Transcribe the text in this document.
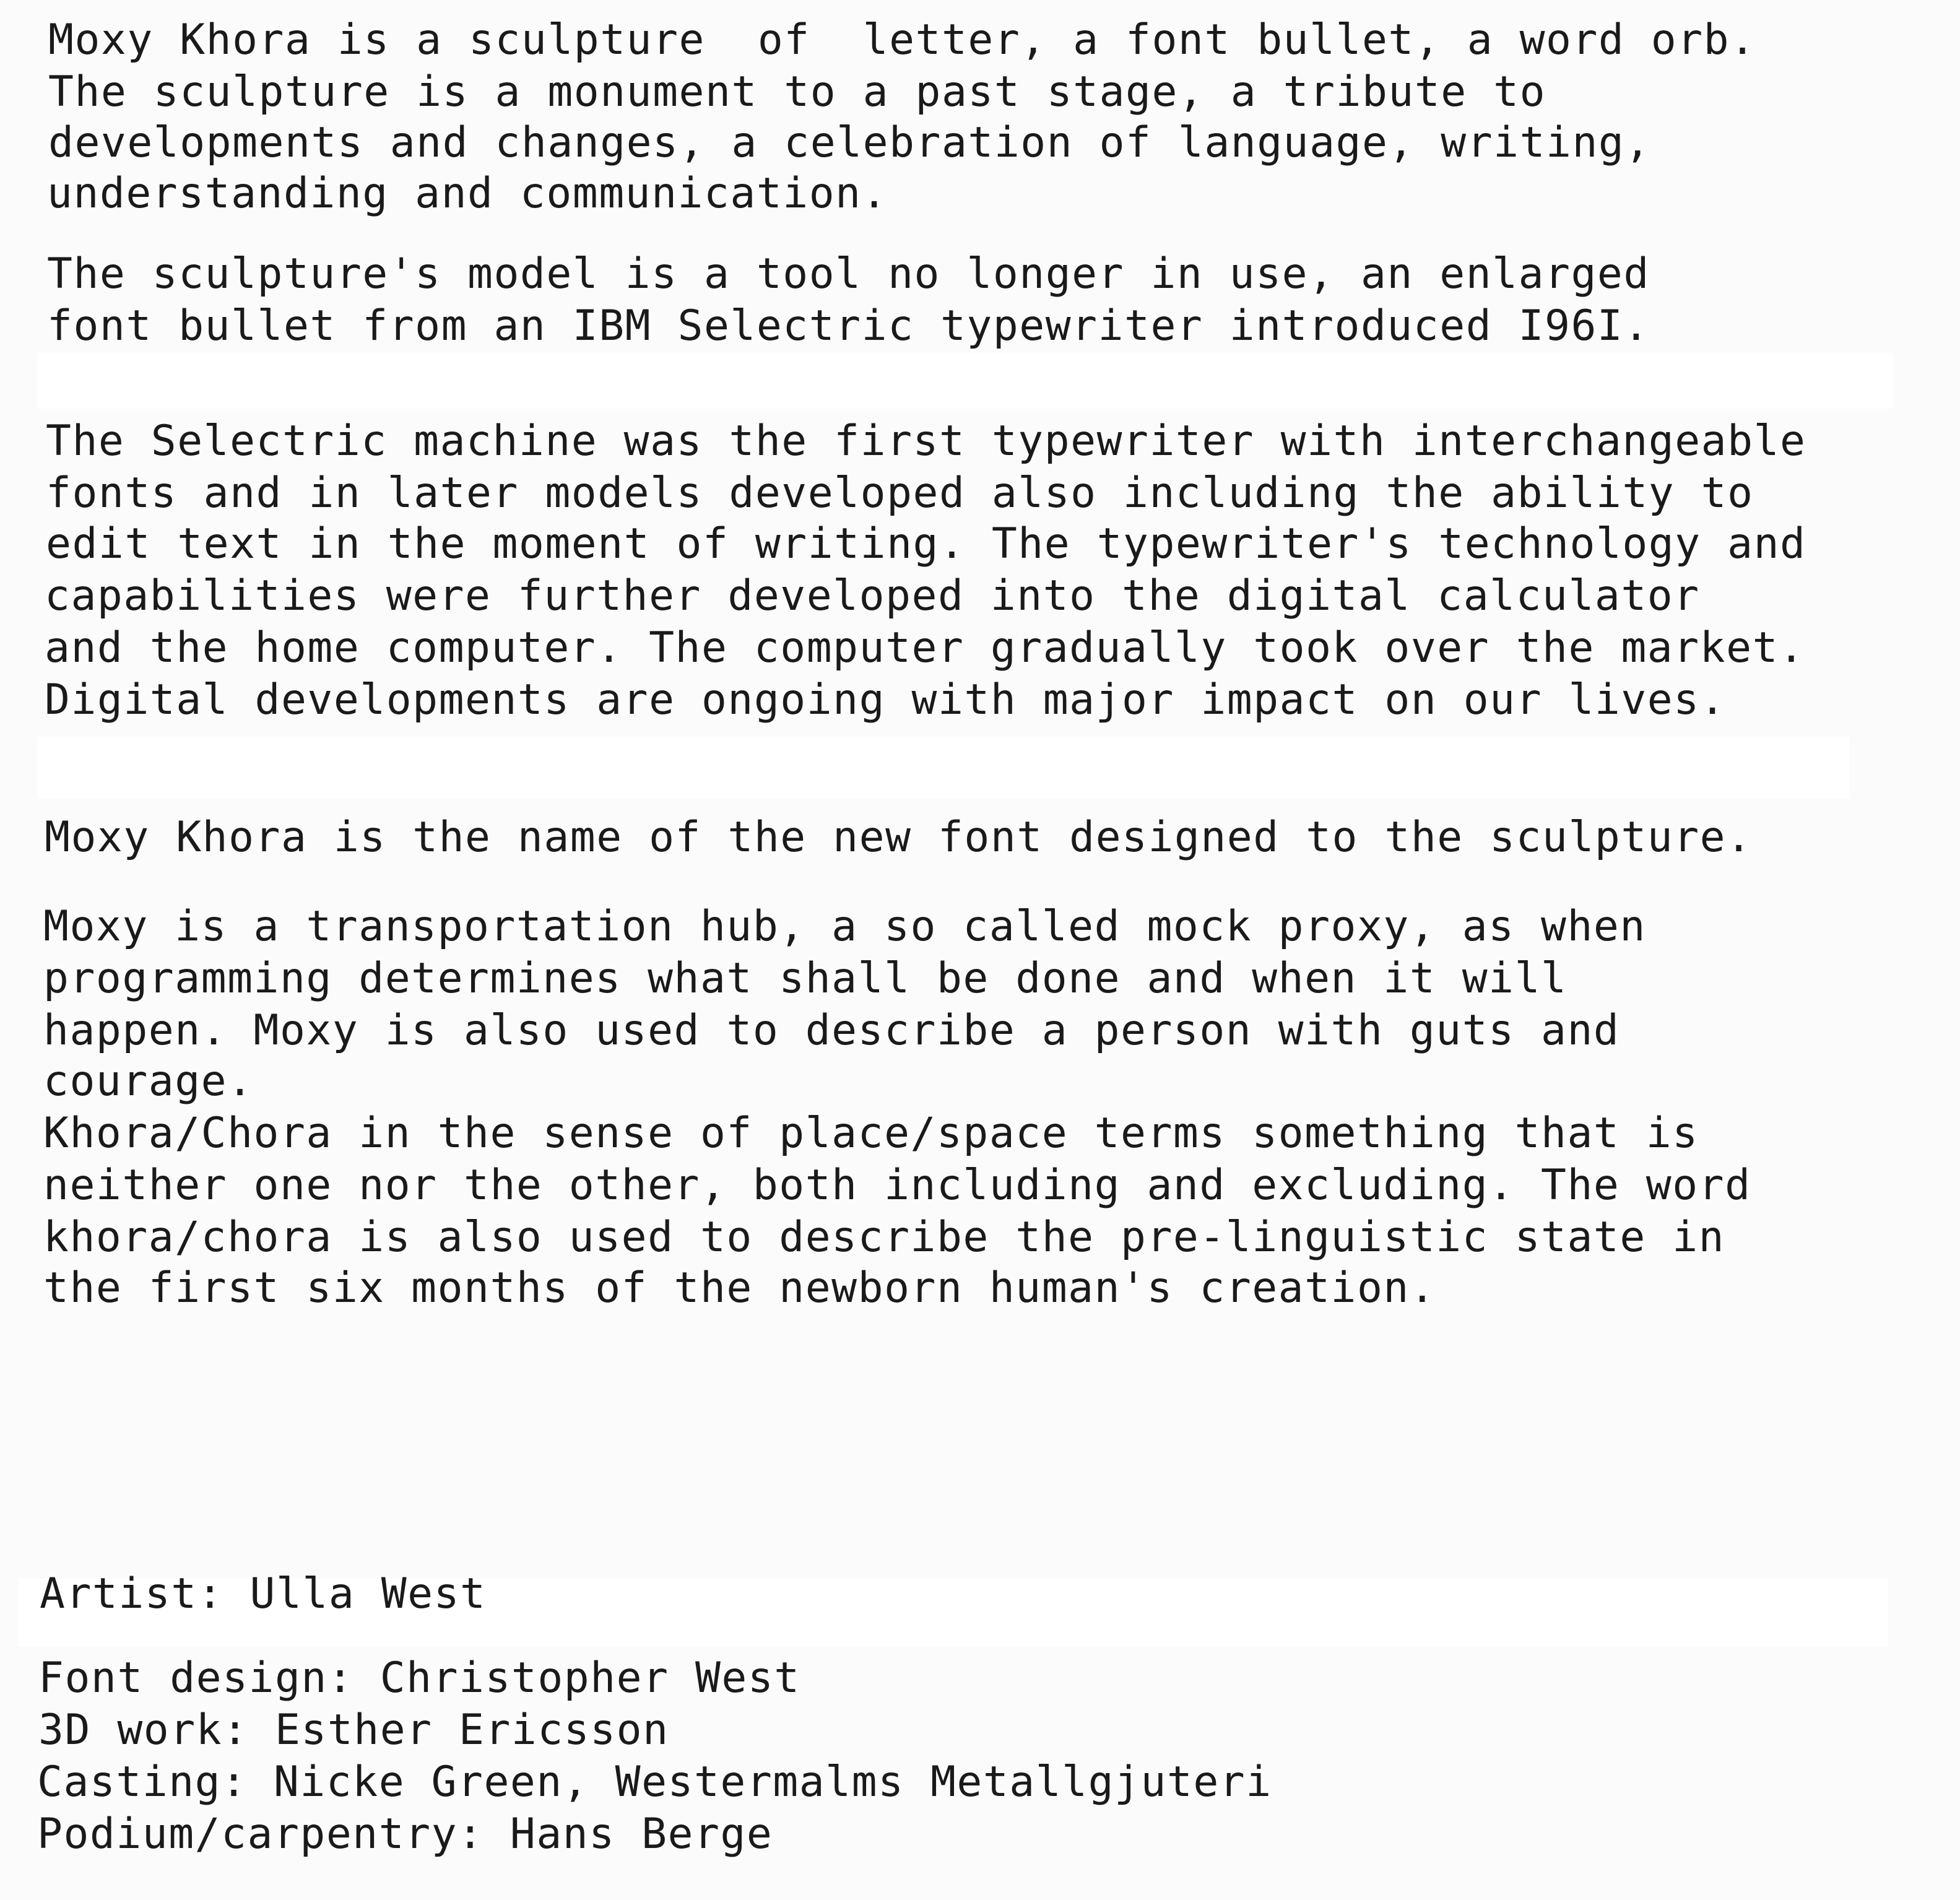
Moxy Khora is a sculpture  of  letter, a font bullet, a word orb.

The sculpture is a monument to a past stage, a tribute to

developments and changes, a celebration of language, writing,

understanding and communication.

The sculpture's model is a tool no longer in use, an enlarged

font bullet from an IBM Selectric typewriter introduced I96I.

The Selectric machine was the first typewriter with interchangeable

fonts and in later models developed also including the ability to

edit text in the moment of writing. The typewriter's technology and

capabilities were further developed into the digital calculator

and the home computer. The computer gradually took over the market.

Digital developments are ongoing with major impact on our lives.

Moxy Khora is the name of the new font designed to the sculpture.

Moxy is a transportation hub, a so called mock proxy, as when

programming determines what shall be done and when it will

happen. Moxy is also used to describe a person with guts and

courage.

Khora/Chora in the sense of place/space terms something that is

neither one nor the other, both including and excluding. The word

khora/chora is also used to describe the pre-linguistic state in

the first six months of the newborn human's creation.

Artist: Ulla West

Font design: Christopher West

3D work: Esther Ericsson

Casting: Nicke Green, Westermalms Metallgjuteri

Podium/carpentry: Hans Berge
